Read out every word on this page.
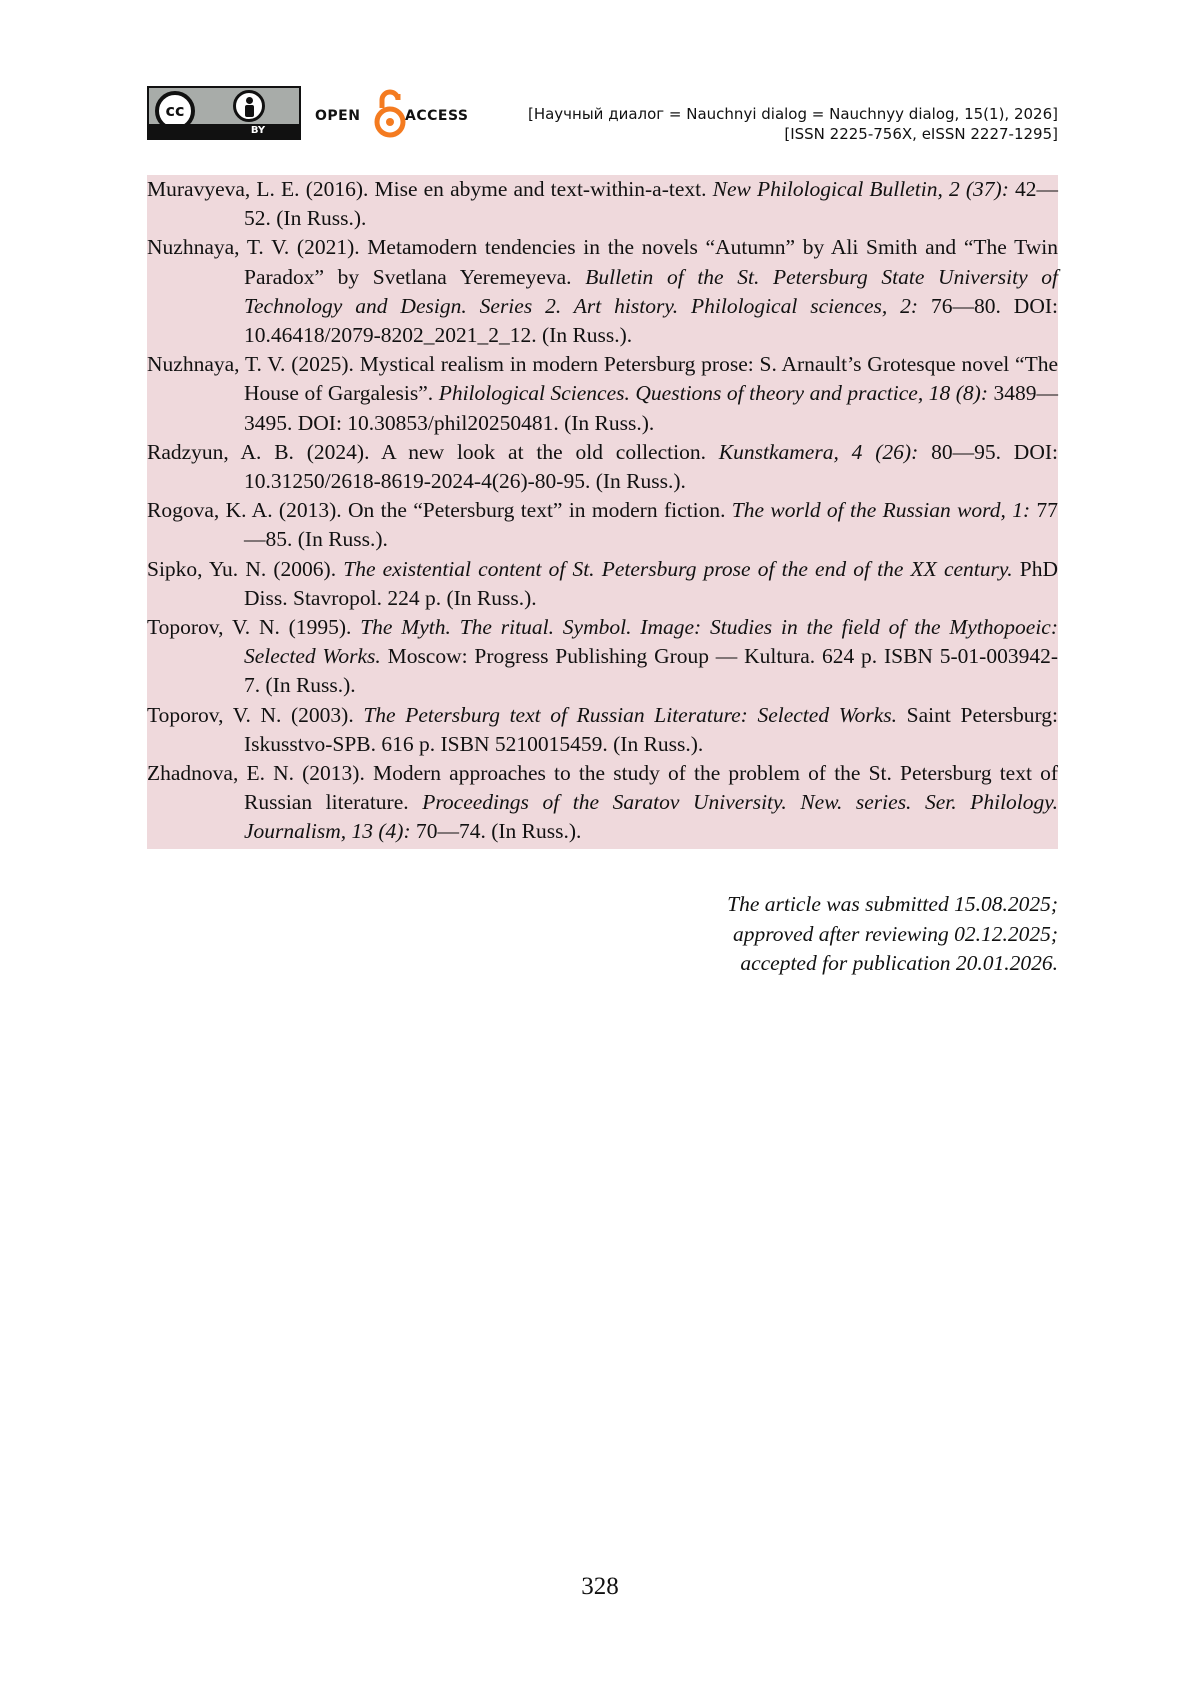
cc
BY
OPEN	ACCESS	[Научный диалог = Nauchnyi dialog = Nauchnyy dialog, 15(1), 2026]
[ISSN 2225-756X, eISSN 2227-1295]

Muravyeva, L. E. (2016). Mise en abyme and text-within-a-text. New Philological Bulletin, 2 (37): 42—52. (In Russ.).

Nuzhnaya, T. V. (2021). Metamodern tendencies in the novels “Autumn” by Ali Smith and “The Twin Paradox” by Svetlana Yeremeyeva. Bulletin of the St. Petersburg State University of Technology and Design. Series 2. Art history. Philological sciences, 2: 76—80. DOI: 10.46418/2079-8202_2021_2_12. (In Russ.).

Nuzhnaya, T. V. (2025). Mystical realism in modern Petersburg prose: S. Arnault’s Grotesque novel “The House of Gargalesis”. Philological Sciences. Questions of theory and practice, 18 (8): 3489—3495. DOI: 10.30853/phil20250481. (In Russ.).

Radzyun, A. B. (2024). A new look at the old collection. Kunstkamera, 4 (26): 80—95. DOI: 10.31250/2618-8619-2024-4(26)-80-95. (In Russ.).

Rogova, K. A. (2013). On the “Petersburg text” in modern fiction. The world of the Russian word, 1: 77—85. (In Russ.).

Sipko, Yu. N. (2006). The existential content of St. Petersburg prose of the end of the XX century. PhD Diss. Stavropol. 224 p. (In Russ.).

Toporov, V. N. (1995). The Myth. The ritual. Symbol. Image: Studies in the field of the Mythopoeic: Selected Works. Moscow: Progress Publishing Group — Kultura. 624 p. ISBN 5-01-003942-7. (In Russ.).

Toporov, V. N. (2003). The Petersburg text of Russian Literature: Selected Works. Saint Petersburg: Iskusstvo-SPB. 616 p. ISBN 5210015459. (In Russ.).

Zhadnova, E. N. (2013). Modern approaches to the study of the problem of the St. Petersburg text of Russian literature. Proceedings of the Saratov University. New. series. Ser. Philology. Journalism, 13 (4): 70—74. (In Russ.).

The article was submitted 15.08.2025;
approved after reviewing 02.12.2025;
accepted for publication 20.01.2026.
328
